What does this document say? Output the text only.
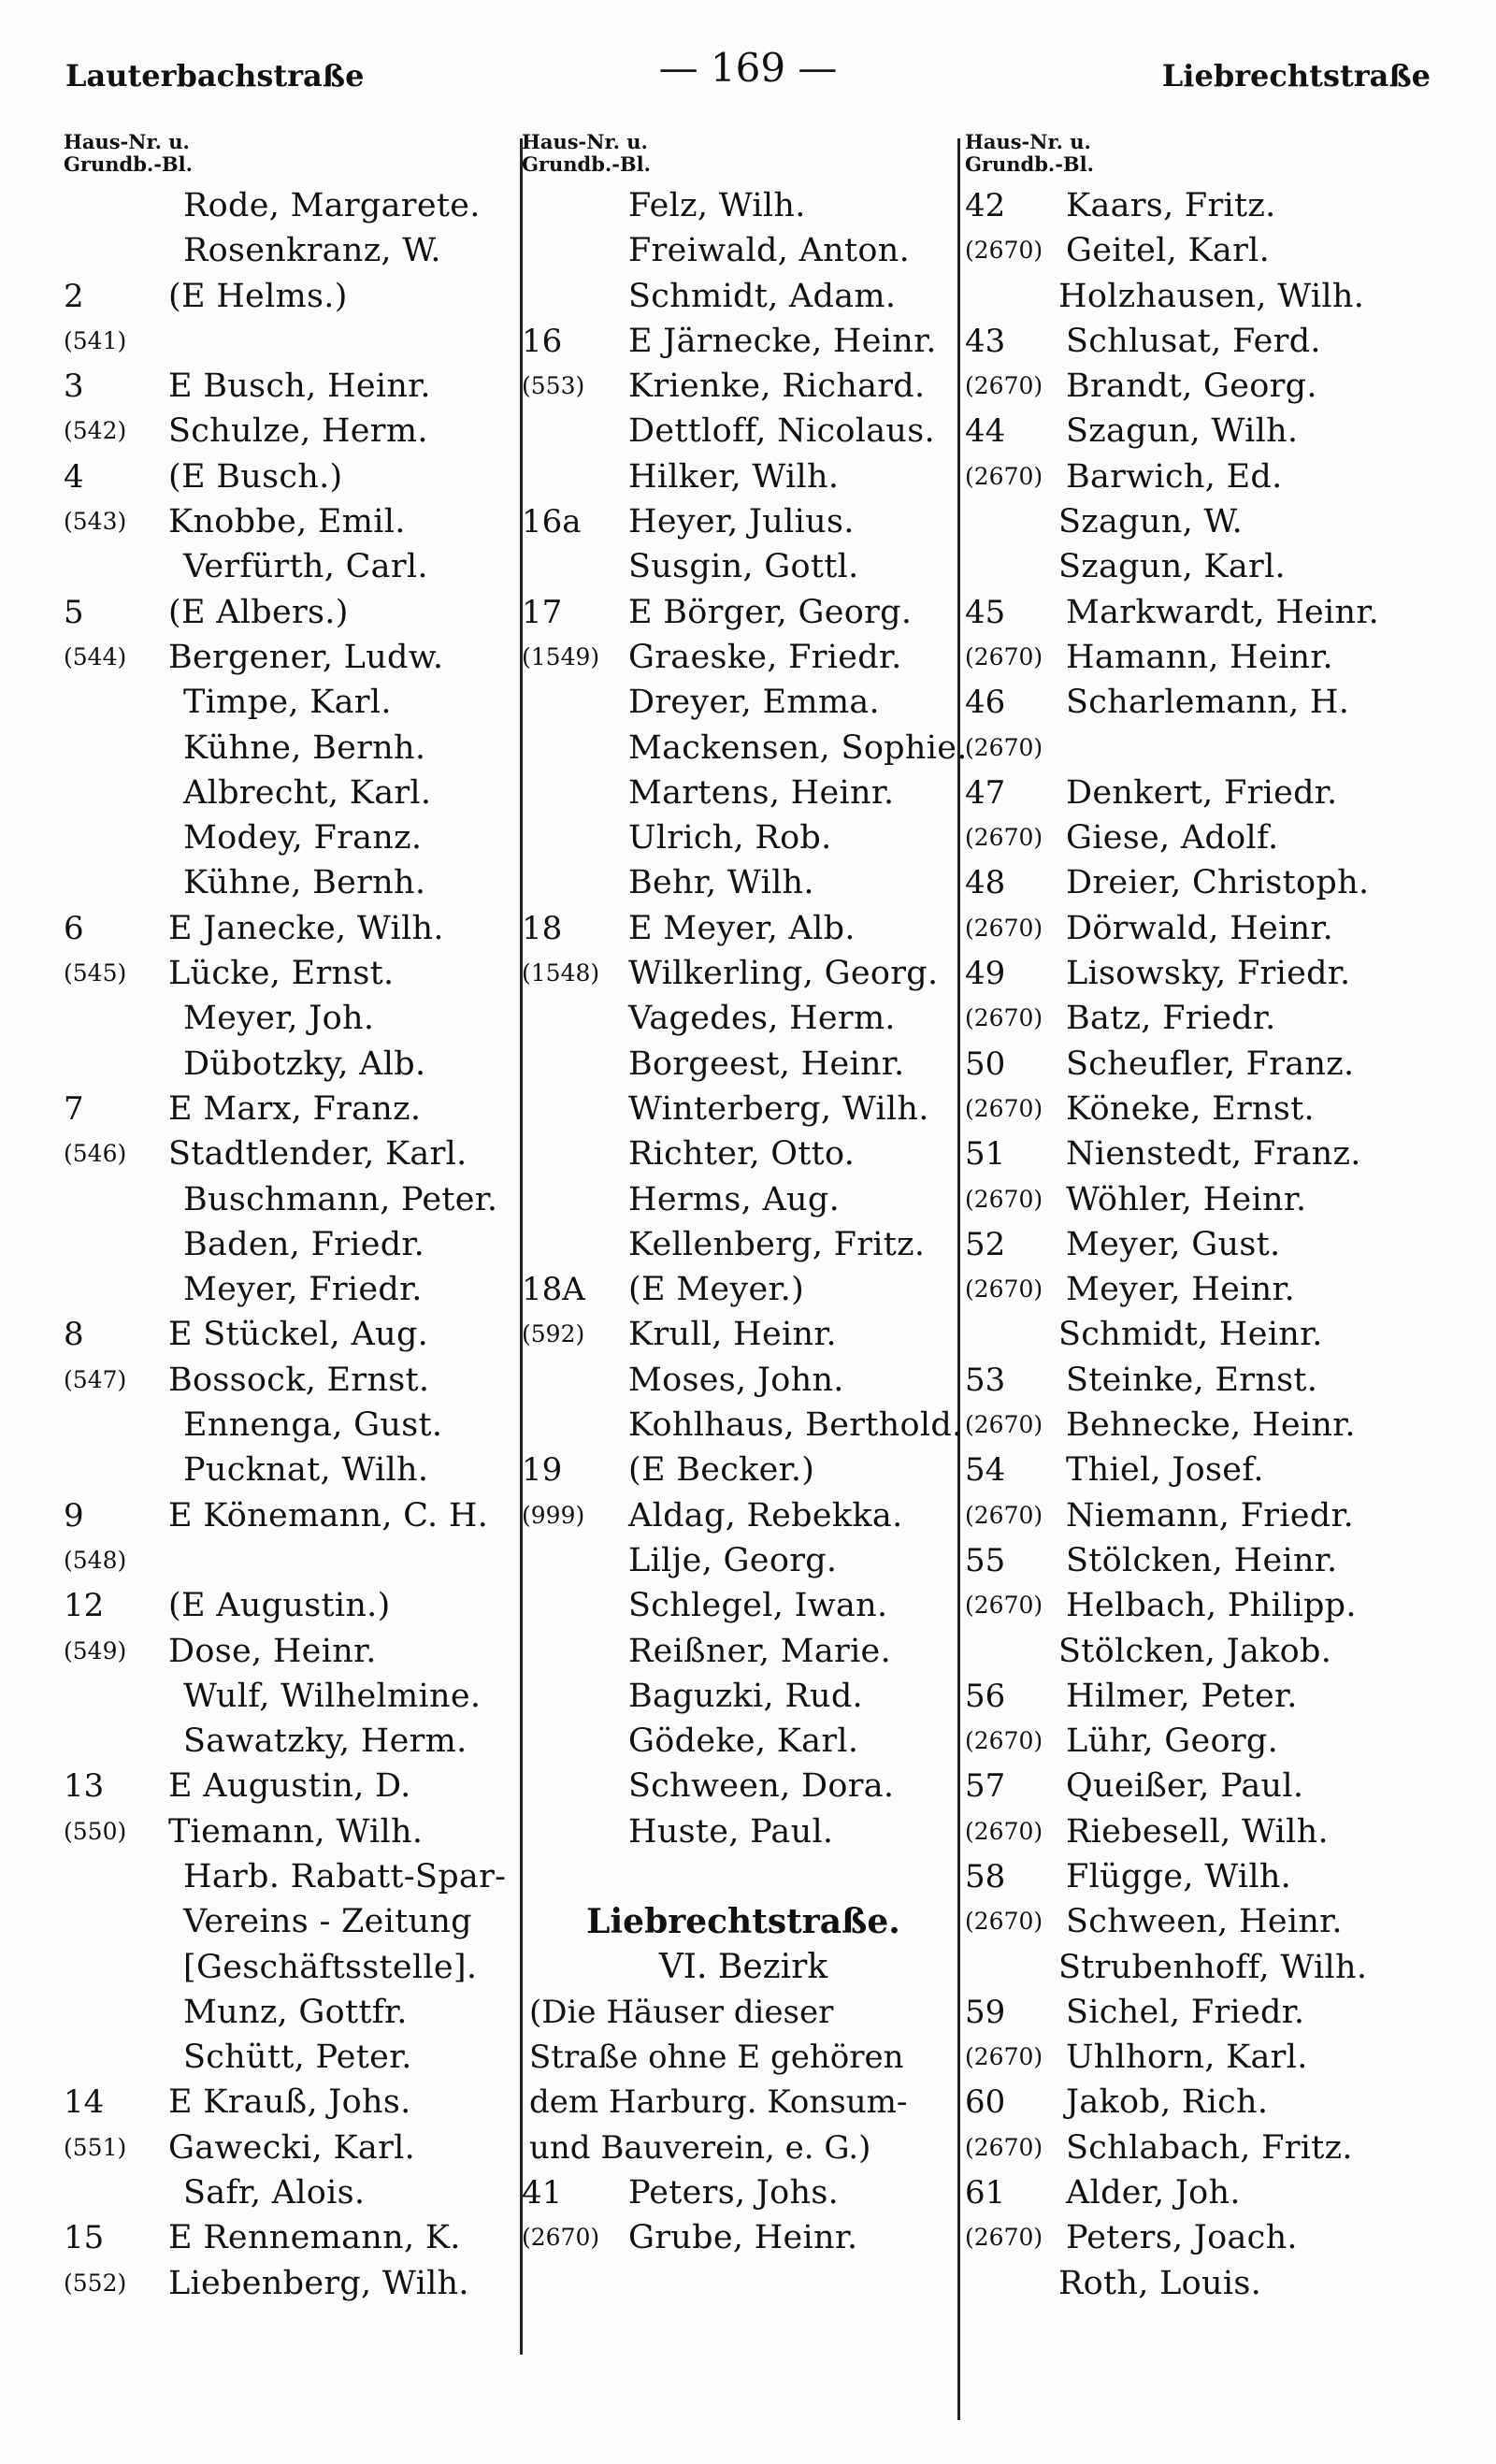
Lauterbachstraße	— 169 —	Liebrechtstraße
Haus-Nr. u.
Grundb.-Bl.
Rode, Margarete.
Rosenkranz, W.
2	(E Helms.)
(541)
3	E Busch, Heinr.
(542) Schulze, Herm.
4	(E Busch.)
(543) Knobbe, Emil.
Verfürth, Carl.
5	(E Albers.)
(544) Bergener, Ludw.
Timpe, Karl.
Kühne, Bernh.
Albrecht, Karl.
Modey, Franz.
Kühne, Bernh.
6	E Janecke, Wilh.
(545) Lücke, Ernst.
Meyer, Joh.
Dübotzky, Alb.
7	E Marx, Franz.
(546) Stadtlender, Karl.
Buschmann, Peter.
Baden, Friedr.
Meyer, Friedr.
8	E Stückel, Aug.
(547) Bossock, Ernst.
Ennenga, Gust.
Pucknat, Wilh.
9	E Könemann, C. H.
(548)
12 (E Augustin.)
(549) Dose, Heinr.
Wulf, Wilhelmine.
Sawatzky, Herm.
13 E Augustin, D.
(550) Tiemann, Wilh.
Harb. Rabatt-Spar-
Vereins - Zeitung
[Geschäftsstelle].
Munz, Gottfr.
Schütt, Peter.
14 E Krauß, Johs.
(551) Gawecki, Karl.
Safr, Alois.
15 E Rennemann, K.
(552) Liebenberg, Wilh.
Haus-Nr. u.
Grundb.-Bl.
Felz, Wilh.
Freiwald, Anton.
Schmidt, Adam.
16 E Järnecke, Heinr.
(553) Krienke, Richard.
Dettloff, Nicolaus.
Hilker, Wilh.
16a Heyer, Julius.
Susgin, Gottl.
17 E Börger, Georg.
(1549) Graeske, Friedr.
Dreyer, Emma.
Mackensen, Sophie.
Martens, Heinr.
Ulrich, Rob.
Behr, Wilh.
18 E Meyer, Alb.
(1548) Wilkerling, Georg.
Vagedes, Herm.
Borgeest, Heinr.
Winterberg, Wilh.
Richter, Otto.
Herms, Aug.
Kellenberg, Fritz.
18A (E Meyer.)
(592) Krull, Heinr.
Moses, John.
Kohlhaus, Berthold.
19 (E Becker.)
(999) Aldag, Rebekka.
Lilje, Georg.
Schlegel, Iwan.
Reißner, Marie.
Baguzki, Rud.
Gödeke, Karl.
Schween, Dora.
Huste, Paul.
Liebrechtstraße.
VI. Bezirk
(Die Häuser dieser
Straße ohne E gehören
dem Harburg. Konsum-
und Bauverein, e. G.)
41 Peters, Johs.
(2670) Grube, Heinr.
Haus-Nr. u.
Grundb.-Bl.
42 Kaars, Fritz.
(2670) Geitel, Karl.
Holzhausen, Wilh.
43 Schlusat, Ferd.
(2670) Brandt, Georg.
44 Szagun, Wilh.
(2670) Barwich, Ed.
Szagun, W.
Szagun, Karl.
45 Markwardt, Heinr.
(2670) Hamann, Heinr.
46 Scharlemann, H.
(2670)
47 Denkert, Friedr.
(2670) Giese, Adolf.
48 Dreier, Christoph.
(2670) Dörwald, Heinr.
49 Lisowsky, Friedr.
(2670) Batz, Friedr.
50 Scheufler, Franz.
(2670) Köneke, Ernst.
51 Nienstedt, Franz.
(2670) Wöhler, Heinr.
52 Meyer, Gust.
(2670) Meyer, Heinr.
Schmidt, Heinr.
53 Steinke, Ernst.
(2670) Behnecke, Heinr.
54 Thiel, Josef.
(2670) Niemann, Friedr.
55 Stölcken, Heinr.
(2670) Helbach, Philipp.
Stölcken, Jakob.
56 Hilmer, Peter.
(2670) Lühr, Georg.
57 Queißer, Paul.
(2670) Riebesell, Wilh.
58 Flügge, Wilh.
(2670) Schween, Heinr.
Strubenhoff, Wilh.
59 Sichel, Friedr.
(2670) Uhlhorn, Karl.
60 Jakob, Rich.
(2670) Schlabach, Fritz.
61 Alder, Joh.
(2670) Peters, Joach.
Roth, Louis.
